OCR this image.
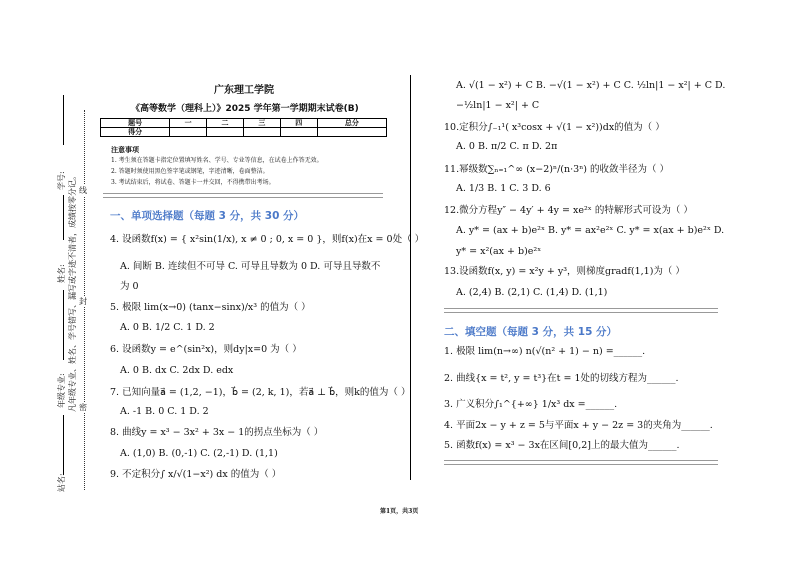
学号:
姓名:
年级专业:
站名:
凡年级专业、姓名、学号错写、漏写或字迹不清者，成绩按零分记。 线
封
密
广东理工学院
《高等数学（理科上）》2025 学年第一学期期末试卷(B)
题号	一	二	三	四	总分
得分					
注意事项
1. 考生须在答题卡指定位置填写姓名、学号、专业等信息，在试卷上作答无效。
2. 答题时须使用黑色签字笔或钢笔，字迹清晰，卷面整洁。
3. 考试结束后，将试卷、答题卡一并交回，不得携带出考场。
一、单项选择题（每题 3 分，共 30 分）
4. 设函数f(x) = { x²sin(1/x), x ≠ 0 ; 0, x = 0 }，则f(x)在x = 0处（ ）
A. 间断 B. 连续但不可导 C. 可导且导数为 0 D. 可导且导数不
为 0
5. 极限 lim(x→0) (tanx−sinx)/x³ 的值为（ ）
A. 0 B. 1/2 C. 1 D. 2
6. 设函数y = e^(sin²x)，则dy|x=0 为（ ）
A. 0 B. dx C. 2dx D. edx
7. 已知向量a⃗ = (1,2, −1)，b⃗ = (2, k, 1)，若a⃗ ⊥ b⃗，则k的值为（ ）
A. -1 B. 0 C. 1 D. 2
8. 曲线y = x³ − 3x² + 3x − 1的拐点坐标为（ ）
A. (1,0) B. (0,-1) C. (2,-1) D. (1,1)
9. 不定积分∫ x/√(1−x²) dx 的值为（ ）
A. √(1 − x²) + C B. −√(1 − x²) + C C. ½ln|1 − x²| + C D.
−½ln|1 − x²| + C
10.定积分∫₋₁¹( x³cosx + √(1 − x²))dx的值为（ ）
A. 0 B. π/2 C. π D. 2π
11.幂级数∑ₙ₌₁^∞ (x−2)ⁿ/(n·3ⁿ) 的收敛半径为（ ）
A. 1/3 B. 1 C. 3 D. 6
12.微分方程y″ − 4y′ + 4y = xe²ˣ 的特解形式可设为（ ）
A. y* = (ax + b)e²ˣ B. y* = ax²e²ˣ C. y* = x(ax + b)e²ˣ D.
y* = x²(ax + b)e²ˣ
13.设函数f(x, y) = x²y + y³，则梯度gradf(1,1)为（ ）
A. (2,4) B. (2,1) C. (1,4) D. (1,1)
二、填空题（每题 3 分，共 15 分）
1. 极限 lim(n→∞) n(√(n² + 1) − n) =______.
2. 曲线{x = t², y = t³}在t = 1处的切线方程为______.
3. 广义积分∫₁^{+∞} 1/x³ dx =______.
4. 平面2x − y + z = 5与平面x + y − 2z = 3的夹角为______.
5. 函数f(x) = x³ − 3x在区间[0,2]上的最大值为______.
第1页，共3页
